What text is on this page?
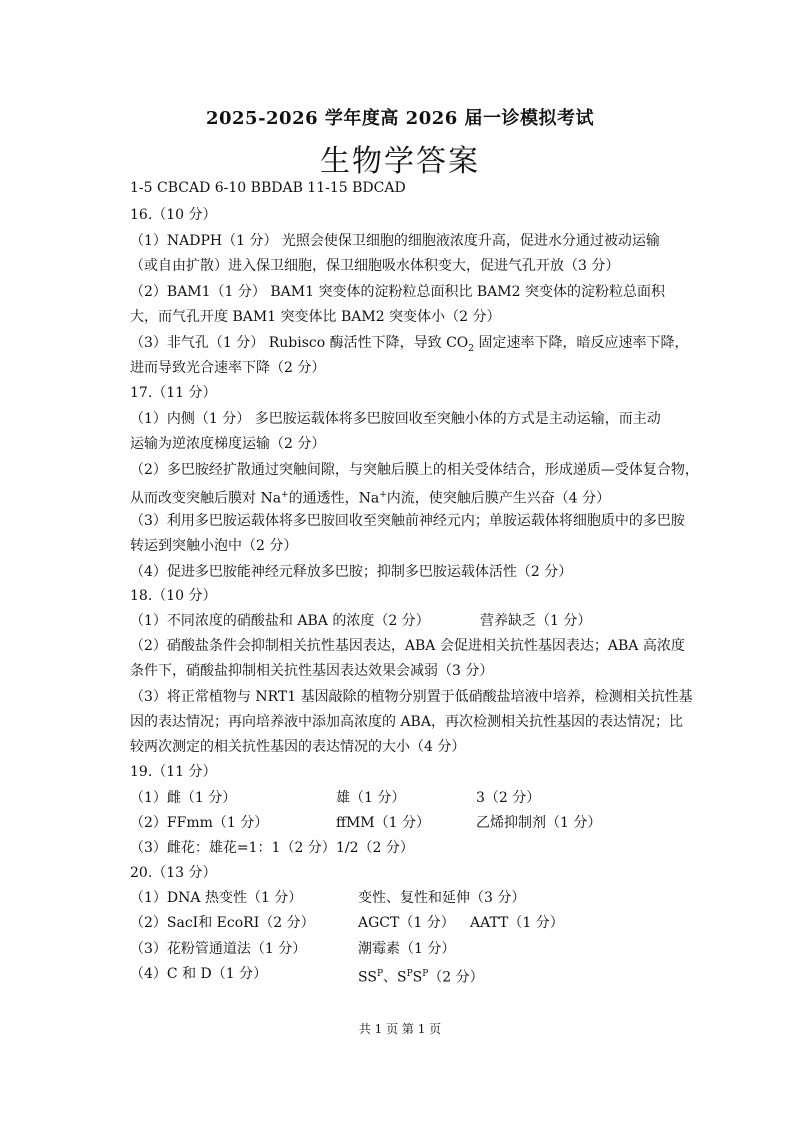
2025-2026 学年度高 2026 届一诊模拟考试
生物学答案
1-5 CBCAD 6-10 BBDAB 11-15 BDCAD
16.（10 分）
（1）NADPH（1 分） 光照会使保卫细胞的细胞液浓度升高，促进水分通过被动运输
（或自由扩散）进入保卫细胞，保卫细胞吸水体积变大，促进气孔开放（3 分）
（2）BAM1（1 分） BAM1 突变体的淀粉粒总面积比 BAM2 突变体的淀粉粒总面积
大，而气孔开度 BAM1 突变体比 BAM2 突变体小（2 分）
（3）非气孔（1 分） Rubisco 酶活性下降，导致 $CO_2$ 固定速率下降，暗反应速率下降，
进而导致光合速率下降（2 分）
17.（11 分）
（1）内侧（1 分） 多巴胺运载体将多巴胺回收至突触小体的方式是主动运输，而主动
运输为逆浓度梯度运输（2 分）
（2）多巴胺经扩散通过突触间隙，与突触后膜上的相关受体结合，形成递质—受体复合物，
从而改变突触后膜对 Na+的通透性，Na+内流，使突触后膜产生兴奋（4 分）
（3）利用多巴胺运载体将多巴胺回收至突触前神经元内；单胺运载体将细胞质中的多巴胺
转运到突触小泡中（2 分）
（4）促进多巴胺能神经元释放多巴胺；抑制多巴胺运载体活性（2 分）
18.（10 分）
（1）不同浓度的硝酸盐和 ABA 的浓度（2 分）	营养缺乏（1 分）
（2）硝酸盐条件会抑制相关抗性基因表达，ABA 会促进相关抗性基因表达；ABA 高浓度
条件下，硝酸盐抑制相关抗性基因表达效果会减弱（3 分）
（3）将正常植物与 NRT1 基因敲除的植物分别置于低硝酸盐培液中培养，检测相关抗性基
因的表达情况；再向培养液中添加高浓度的 ABA，再次检测相关抗性基因的表达情况；比
较两次测定的相关抗性基因的表达情况的大小（4 分）
19.（11 分）
（1）雌（1 分）	雄（1 分）	3（2 分）
（2）FFmm（1 分）	ffMM（1 分）	乙烯抑制剂（1 分）
（3）雌花：雄花=1：1（2 分） 1/2（2 分）
20.（13 分）
（1）DNA 热变性（1 分）	变性、复性和延伸（3 分）
（2）SacI和 EcoRI（2 分）	AGCT（1 分） AATT（1 分）
（3）花粉管通道法（1 分）	潮霉素（1 分）
（4）C 和 D（1 分）	$SS^P$、$S^PS^P(2$ 分）
共 1 页 第 1 页
